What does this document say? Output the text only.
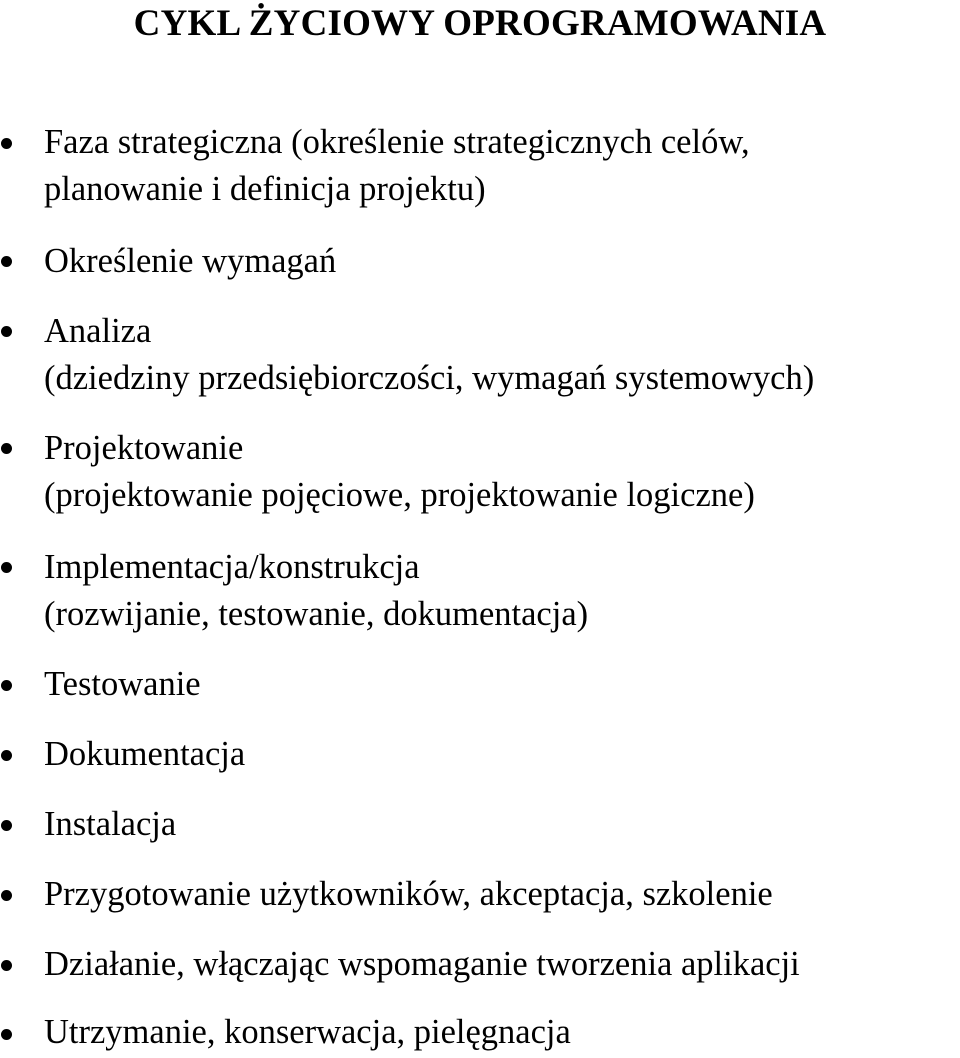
CYKL ŻYCIOWY OPROGRAMOWANIA
Faza strategiczna (określenie strategicznych celów,
planowanie i definicja projektu)
Określenie wymagań
Analiza
(dziedziny przedsiębiorczości, wymagań systemowych)
Projektowanie
(projektowanie pojęciowe, projektowanie logiczne)
Implementacja/konstrukcja
(rozwijanie, testowanie, dokumentacja)
Testowanie
Dokumentacja
Instalacja
Przygotowanie użytkowników, akceptacja, szkolenie
Działanie, włączając wspomaganie tworzenia aplikacji
Utrzymanie, konserwacja, pielęgnacja
